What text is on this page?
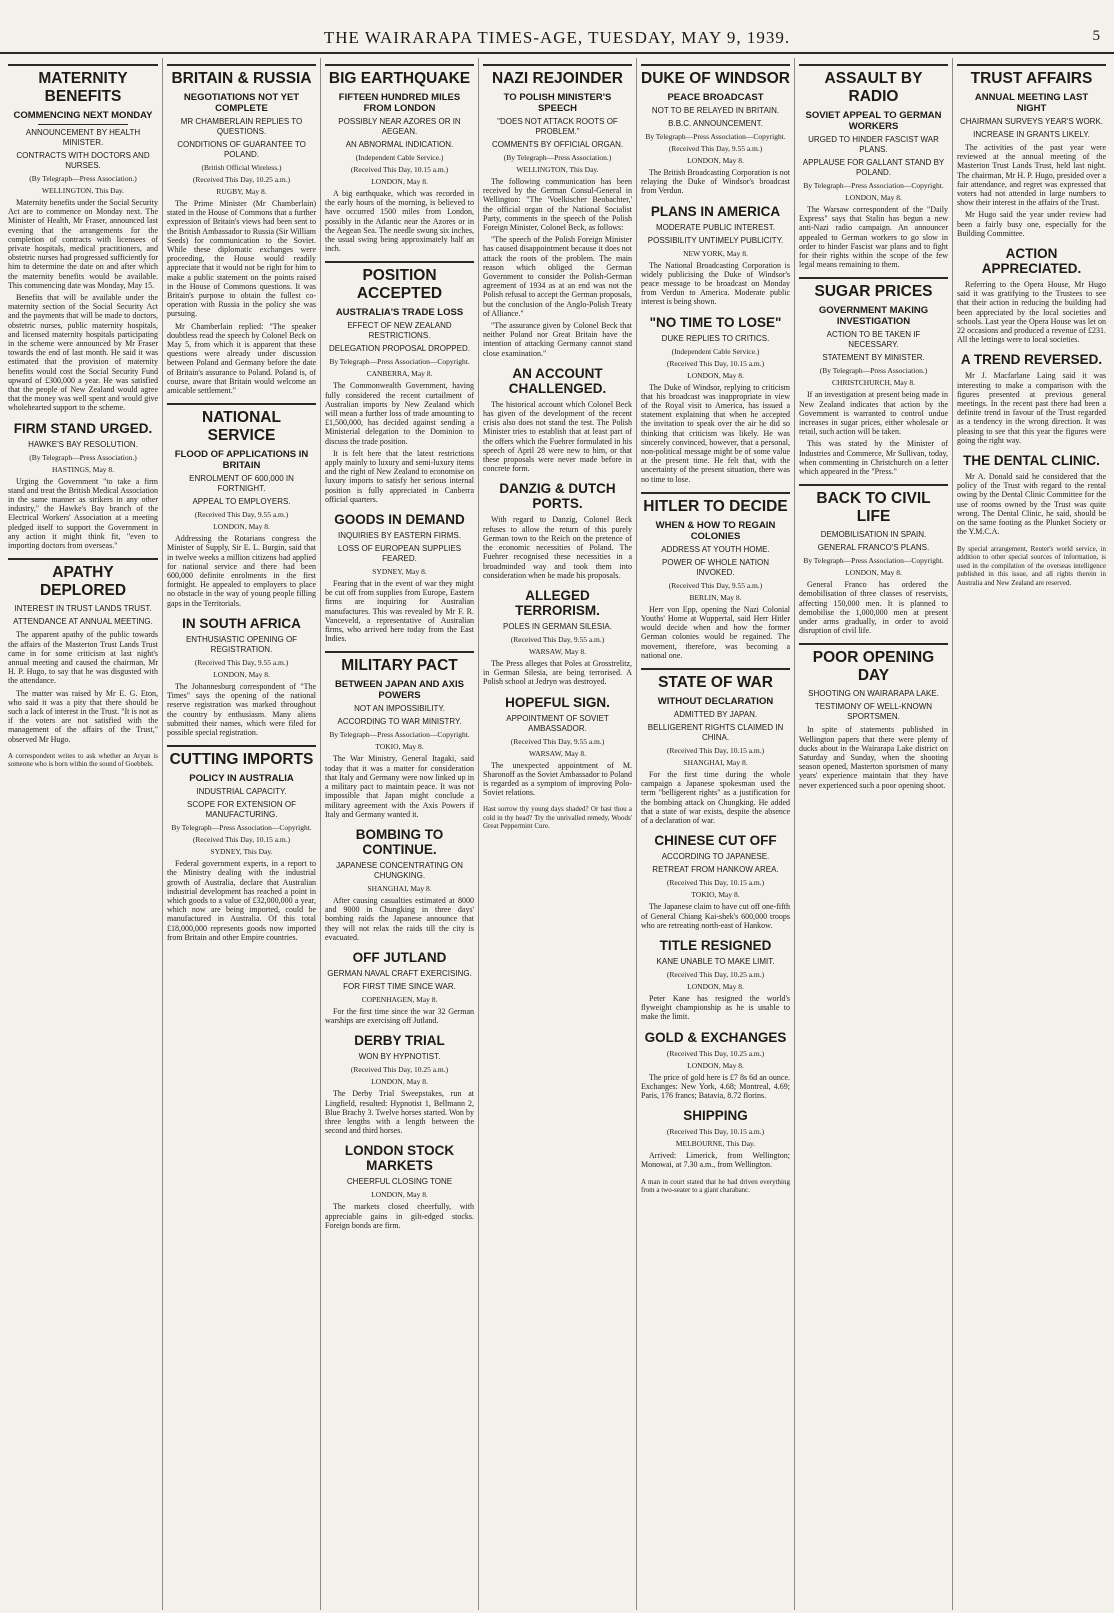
THE WAIRARAPA TIMES-AGE, TUESDAY, MAY 9, 1939.	5
MATERNITY BENEFITS
COMMENCING NEXT MONDAY
ANNOUNCEMENT BY HEALTH MINISTER.
CONTRACTS WITH DOCTORS AND NURSES.
(By Telegraph—Press Association.)
WELLINGTON, This Day.

Maternity benefits under the Social Security Act are to commence on Monday next. The Minister of Health, Mr Fraser, announced last evening that the arrangements for the completion of contracts with licensees of private hospitals, medical practitioners, and obstetric nurses had progressed sufficiently for him to determine the date on and after which the maternity benefits would be available. This commencing date was Monday, May 15.

Benefits that will be available under the maternity section of the Social Security Act and the payments that will be made to doctors, obstetric nurses, public maternity hospitals, and licensed maternity hospitals participating in the scheme were announced by Mr Fraser towards the end of last month. He said it was estimated that the provision of maternity benefits would cost the Social Security Fund upward of £300,000 a year. He was satisfied that the people of New Zealand would agree that the money was well spent and would give wholehearted support to the scheme.

FIRM STAND URGED.
HAWKE'S BAY RESOLUTION.
(By Telegraph—Press Association.)
HASTINGS, May 8.

Urging the Government "to take a firm stand and treat the British Medical Association in the same manner as strikers in any other industry," the Hawke's Bay branch of the Electrical Workers' Association at a meeting pledged itself to support the Government in any action it might think fit, "even to importing doctors from overseas."

APATHY DEPLORED
INTEREST IN TRUST LANDS TRUST.
ATTENDANCE AT ANNUAL MEETING.

The apparent apathy of the public towards the affairs of the Masterton Trust Lands Trust came in for some criticism at last night's annual meeting and caused the chairman, Mr H. P. Hugo, to say that he was disgusted with the attendance.

The matter was raised by Mr E. G. Eton, who said it was a pity that there should be such a lack of interest in the Trust. "It is not as if the voters are not satisfied with the management of the affairs of the Trust," observed Mr Hugo.

A correspondent writes to ask whether an Aryan is someone who is born within the sound of Goebbels.

BRITAIN & RUSSIA
NEGOTIATIONS NOT YET COMPLETE
MR CHAMBERLAIN REPLIES TO QUESTIONS.
CONDITIONS OF GUARANTEE TO POLAND.
(British Official Wireless.)
(Received This Day, 10.25 a.m.)
RUGBY, May 8.

The Prime Minister (Mr Chamberlain) stated in the House of Commons that a further expression of Britain's views had been sent to the British Ambassador to Russia (Sir William Seeds) for communication to the Soviet. While these diplomatic exchanges were proceeding, the House would readily appreciate that it would not be right for him to make a public statement on the points raised in the House of Commons questions. It was Britain's purpose to obtain the fullest co-operation with Russia in the policy she was pursuing.

Mr Chamberlain replied: "The speaker doubtless read the speech by Colonel Beck on May 5, from which it is apparent that these questions were already under discussion between Poland and Germany before the date of Britain's assurance to Poland. Poland is, of course, aware that Britain would welcome an amicable settlement."

NATIONAL SERVICE
FLOOD OF APPLICATIONS IN BRITAIN
ENROLMENT OF 600,000 IN FORTNIGHT.
APPEAL TO EMPLOYERS.
(Received This Day, 9.55 a.m.)
LONDON, May 8.

Addressing the Rotarians congress the Minister of Supply, Sir E. L. Burgin, said that in twelve weeks a million citizens had applied for national service and there had been 600,000 definite enrolments in the first fortnight. He appealed to employers to place no obstacle in the way of young people filling gaps in the Territorials.

IN SOUTH AFRICA
ENTHUSIASTIC OPENING OF REGISTRATION.
(Received This Day, 9.55 a.m.)
LONDON, May 8.

The Johannesburg correspondent of "The Times" says the opening of the national reserve registration was marked throughout the country by enthusiasm. Many aliens submitted their names, which were filed for possible special registration.

CUTTING IMPORTS
POLICY IN AUSTRALIA
INDUSTRIAL CAPACITY.
SCOPE FOR EXTENSION OF MANUFACTURING.
By Telegraph—Press Association—Copyright.
(Received This Day, 10.15 a.m.)
SYDNEY, This Day.

Federal government experts, in a report to the Ministry dealing with the industrial growth of Australia, declare that Australian industrial development has reached a point in which goods to a value of £32,000,000 a year, which now are being imported, could be manufactured in Australia. Of this total £18,000,000 represents goods now imported from Britain and other Empire countries.

BIG EARTHQUAKE
FIFTEEN HUNDRED MILES FROM LONDON
POSSIBLY NEAR AZORES OR IN AEGEAN.
AN ABNORMAL INDICATION.
(Independent Cable Service.)
(Received This Day, 10.15 a.m.)
LONDON, May 8.

A big earthquake, which was recorded in the early hours of the morning, is believed to have occurred 1500 miles from London, possibly in the Atlantic near the Azores or in the Aegean Sea. The needle swung six inches, the usual swing being approximately half an inch.

POSITION ACCEPTED
AUSTRALIA'S TRADE LOSS
EFFECT OF NEW ZEALAND RESTRICTIONS.
DELEGATION PROPOSAL DROPPED.
By Telegraph—Press Association—Copyright.
CANBERRA, May 8.

The Commonwealth Government, having fully considered the recent curtailment of Australian imports by New Zealand which will mean a further loss of trade amounting to £1,500,000, has decided against sending a Ministerial delegation to the Dominion to discuss the trade position.

It is felt here that the latest restrictions apply mainly to luxury and semi-luxury items and the right of New Zealand to economise on luxury imports to satisfy her serious internal position is fully appreciated in Canberra official quarters.

GOODS IN DEMAND
INQUIRIES BY EASTERN FIRMS.
LOSS OF EUROPEAN SUPPLIES FEARED.
SYDNEY, May 8.

Fearing that in the event of war they might be cut off from supplies from Europe, Eastern firms are inquiring for Australian manufactures. This was revealed by Mr F. R. Vanceveld, a representative of Australian firms, who arrived here today from the East Indies.

MILITARY PACT
BETWEEN JAPAN AND AXIS POWERS
NOT AN IMPOSSIBILITY.
ACCORDING TO WAR MINISTRY.
By Telegraph—Press Association—Copyright.
TOKIO, May 8.

The War Ministry, General Itagaki, said today that it was a matter for consideration that Italy and Germany were now linked up in a military pact to maintain peace. It was not impossible that Japan might conclude a military agreement with the Axis Powers if Italy and Germany wanted it.

BOMBING TO CONTINUE.
JAPANESE CONCENTRATING ON CHUNGKING.
SHANGHAI, May 8.

After causing casualties estimated at 8000 and 9000 in Chungking in three days' bombing raids the Japanese announce that they will not relax the raids till the city is evacuated.

OFF JUTLAND
GERMAN NAVAL CRAFT EXERCISING.
FOR FIRST TIME SINCE WAR.
COPENHAGEN, May 8.

For the first time since the war 32 German warships are exercising off Jutland.

DERBY TRIAL
WON BY HYPNOTIST.
(Received This Day, 10.25 a.m.)
LONDON, May 8.

The Derby Trial Sweepstakes, run at Lingfield, resulted: Hypnotist 1, Bellmann 2, Blue Brachy 3. Twelve horses started. Won by three lengths with a length between the second and third horses.

LONDON STOCK MARKETS
CHEERFUL CLOSING TONE
LONDON, May 8.

The markets closed cheerfully, with appreciable gains in gilt-edged stocks. Foreign bonds are firm.

NAZI REJOINDER
TO POLISH MINISTER'S SPEECH
"DOES NOT ATTACK ROOTS OF PROBLEM."
COMMENTS BY OFFICIAL ORGAN.
(By Telegraph—Press Association.)
WELLINGTON, This Day.

The following communication has been received by the German Consul-General in Wellington: "The 'Voelkischer Beobachter,' the official organ of the National Socialist Party, comments in the speech of the Polish Foreign Minister, Colonel Beck, as follows:

"The speech of the Polish Foreign Minister has caused disappointment because it does not attack the roots of the problem. The main reason which obliged the German Government to consider the Polish-German agreement of 1934 as at an end was not the Polish refusal to accept the German proposals, but the conclusion of the Anglo-Polish Treaty of Alliance."

"The assurance given by Colonel Beck that neither Poland nor Great Britain have the intention of attacking Germany cannot stand close examination."

AN ACCOUNT CHALLENGED.

The historical account which Colonel Beck has given of the development of the recent crisis also does not stand the test. The Polish Minister tries to establish that at least part of the offers which the Fuehrer formulated in his speech of April 28 were new to him, or that these proposals were never made before in concrete form.

DANZIG & DUTCH PORTS.

With regard to Danzig, Colonel Beck refuses to allow the return of this purely German town to the Reich on the pretence of the economic necessities of Poland. The Fuehrer recognised these necessities in a broadminded way and took them into consideration when he made his proposals.

ALLEGED TERRORISM.
POLES IN GERMAN SILESIA.
(Received This Day, 9.55 a.m.)
WARSAW, May 8.

The Press alleges that Poles at Grosstrelitz, in German Silesia, are being terrorised. A Polish school at Jedryn was destroyed.

HOPEFUL SIGN.
APPOINTMENT OF SOVIET AMBASSADOR.
(Received This Day, 9.55 a.m.)
WARSAW, May 8.

The unexpected appointment of M. Sharonoff as the Soviet Ambassador to Poland is regarded as a symptom of improving Polo-Soviet relations.

Hast sorrow thy young days shaded? Or hast thou a cold in thy head? Try the unrivalled remedy, Woods' Great Peppermint Cure.

DUKE OF WINDSOR
PEACE BROADCAST
NOT TO BE RELAYED IN BRITAIN.
B.B.C. ANNOUNCEMENT.
By Telegraph—Press Association—Copyright.
(Received This Day, 9.55 a.m.)
LONDON, May 8.

The British Broadcasting Corporation is not relaying the Duke of Windsor's broadcast from Verdun.

PLANS IN AMERICA
MODERATE PUBLIC INTEREST.
POSSIBILITY UNTIMELY PUBLICITY.
NEW YORK, May 8.

The National Broadcasting Corporation is widely publicising the Duke of Windsor's peace message to be broadcast on Monday from Verdun to America. Moderate public interest is being shown.

"NO TIME TO LOSE"
DUKE REPLIES TO CRITICS.
(Independent Cable Service.)
(Received This Day, 10.15 a.m.)
LONDON, May 8.

The Duke of Windsor, replying to criticism that his broadcast was inappropriate in view of the Royal visit to America, has issued a statement explaining that when he accepted the invitation to speak over the air he did so thinking that criticism was likely. He was sincerely convinced, however, that a personal, non-political message might be of some value at the present time. He felt that, with the uncertainty of the present situation, there was no time to lose.

HITLER TO DECIDE
WHEN & HOW TO REGAIN COLONIES
ADDRESS AT YOUTH HOME.
POWER OF WHOLE NATION INVOKED.
(Received This Day, 9.55 a.m.)
BERLIN, May 8.

Herr von Epp, opening the Nazi Colonial Youths' Home at Wuppertal, said Herr Hitler would decide when and how the former German colonies would be regained. The movement, therefore, was becoming a national one.

STATE OF WAR
WITHOUT DECLARATION
ADMITTED BY JAPAN.
BELLIGERENT RIGHTS CLAIMED IN CHINA.
(Received This Day, 10.15 a.m.)
SHANGHAI, May 8.

For the first time during the whole campaign a Japanese spokesman used the term "belligerent rights" as a justification for the bombing attack on Chungking. He added that a state of war exists, despite the absence of a declaration of war.

CHINESE CUT OFF
ACCORDING TO JAPANESE.
RETREAT FROM HANKOW AREA.
(Received This Day, 10.15 a.m.)
TOKIO, May 8.

The Japanese claim to have cut off one-fifth of General Chiang Kai-shek's 600,000 troops who are retreating north-east of Hankow.

TITLE RESIGNED
KANE UNABLE TO MAKE LIMIT.
(Received This Day, 10.25 a.m.)
LONDON, May 8.

Peter Kane has resigned the world's flyweight championship as he is unable to make the limit.

GOLD & EXCHANGES
(Received This Day, 10.25 a.m.)
LONDON, May 8.

The price of gold here is £7 8s 6d an ounce. Exchanges: New York, 4.68; Montreal, 4.69; Paris, 176 francs; Batavia, 8.72 florins.

SHIPPING
(Received This Day, 10.15 a.m.)
MELBOURNE, This Day.

Arrived: Limerick, from Wellington; Monowai, at 7.30 a.m., from Wellington.

A man in court stated that he had driven everything from a two-seater to a giant charabanc.

ASSAULT BY RADIO
SOVIET APPEAL TO GERMAN WORKERS
URGED TO HINDER FASCIST WAR PLANS.
APPLAUSE FOR GALLANT STAND BY POLAND.
By Telegraph—Press Association—Copyright.
LONDON, May 8.

The Warsaw correspondent of the "Daily Express" says that Stalin has begun a new anti-Nazi radio campaign. An announcer appealed to German workers to go slow in order to hinder Fascist war plans and to fight for their rights within the scope of the few legal means remaining to them.

SUGAR PRICES
GOVERNMENT MAKING INVESTIGATION
ACTION TO BE TAKEN IF NECESSARY.
STATEMENT BY MINISTER.
(By Telegraph—Press Association.)
CHRISTCHURCH, May 8.

If an investigation at present being made in New Zealand indicates that action by the Government is warranted to control undue increases in sugar prices, either wholesale or retail, such action will be taken.

This was stated by the Minister of Industries and Commerce, Mr Sullivan, today, when commenting in Christchurch on a letter which appeared in the "Press."

BACK TO CIVIL LIFE
DEMOBILISATION IN SPAIN.
GENERAL FRANCO'S PLANS.
By Telegraph—Press Association—Copyright.
LONDON, May 8.

General Franco has ordered the demobilisation of three classes of reservists, affecting 150,000 men. It is planned to demobilise the 1,000,000 men at present under arms gradually, in order to avoid disruption of civil life.

POOR OPENING DAY
SHOOTING ON WAIRARAPA LAKE.
TESTIMONY OF WELL-KNOWN SPORTSMEN.

In spite of statements published in Wellington papers that there were plenty of ducks about in the Wairarapa Lake district on Saturday and Sunday, when the shooting season opened, Masterton sportsmen of many years' experience maintain that they have never experienced such a poor opening shoot.

TRUST AFFAIRS
ANNUAL MEETING LAST NIGHT
CHAIRMAN SURVEYS YEAR'S WORK.
INCREASE IN GRANTS LIKELY.

The activities of the past year were reviewed at the annual meeting of the Masterton Trust Lands Trust, held last night. The chairman, Mr H. P. Hugo, presided over a fair attendance, and regret was expressed that voters had not attended in large numbers to show their interest in the affairs of the Trust.

Mr Hugo said the year under review had been a fairly busy one, especially for the Building Committee.

ACTION APPRECIATED.

Referring to the Opera House, Mr Hugo said it was gratifying to the Trustees to see that their action in reducing the building had been appreciated by the local societies and schools. Last year the Opera House was let on 22 occasions and produced a revenue of £231. All the lettings were to local societies.

A TREND REVERSED.

Mr J. Macfarlane Laing said it was interesting to make a comparison with the figures presented at previous general meetings. In the recent past there had been a definite trend in favour of the Trust regarded as a tendency in the wrong direction. It was pleasing to see that this year the figures were going the right way.

THE DENTAL CLINIC.

Mr A. Donald said he considered that the policy of the Trust with regard to the rental owing by the Dental Clinic Committee for the use of rooms owned by the Trust was quite wrong. The Dental Clinic, he said, should be on the same footing as the Plunket Society or the Y.M.C.A.

By special arrangement, Reuter's world service, in addition to other special sources of information, is used in the compilation of the overseas intelligence published in this issue, and all rights therein in Australia and New Zealand are reserved.
